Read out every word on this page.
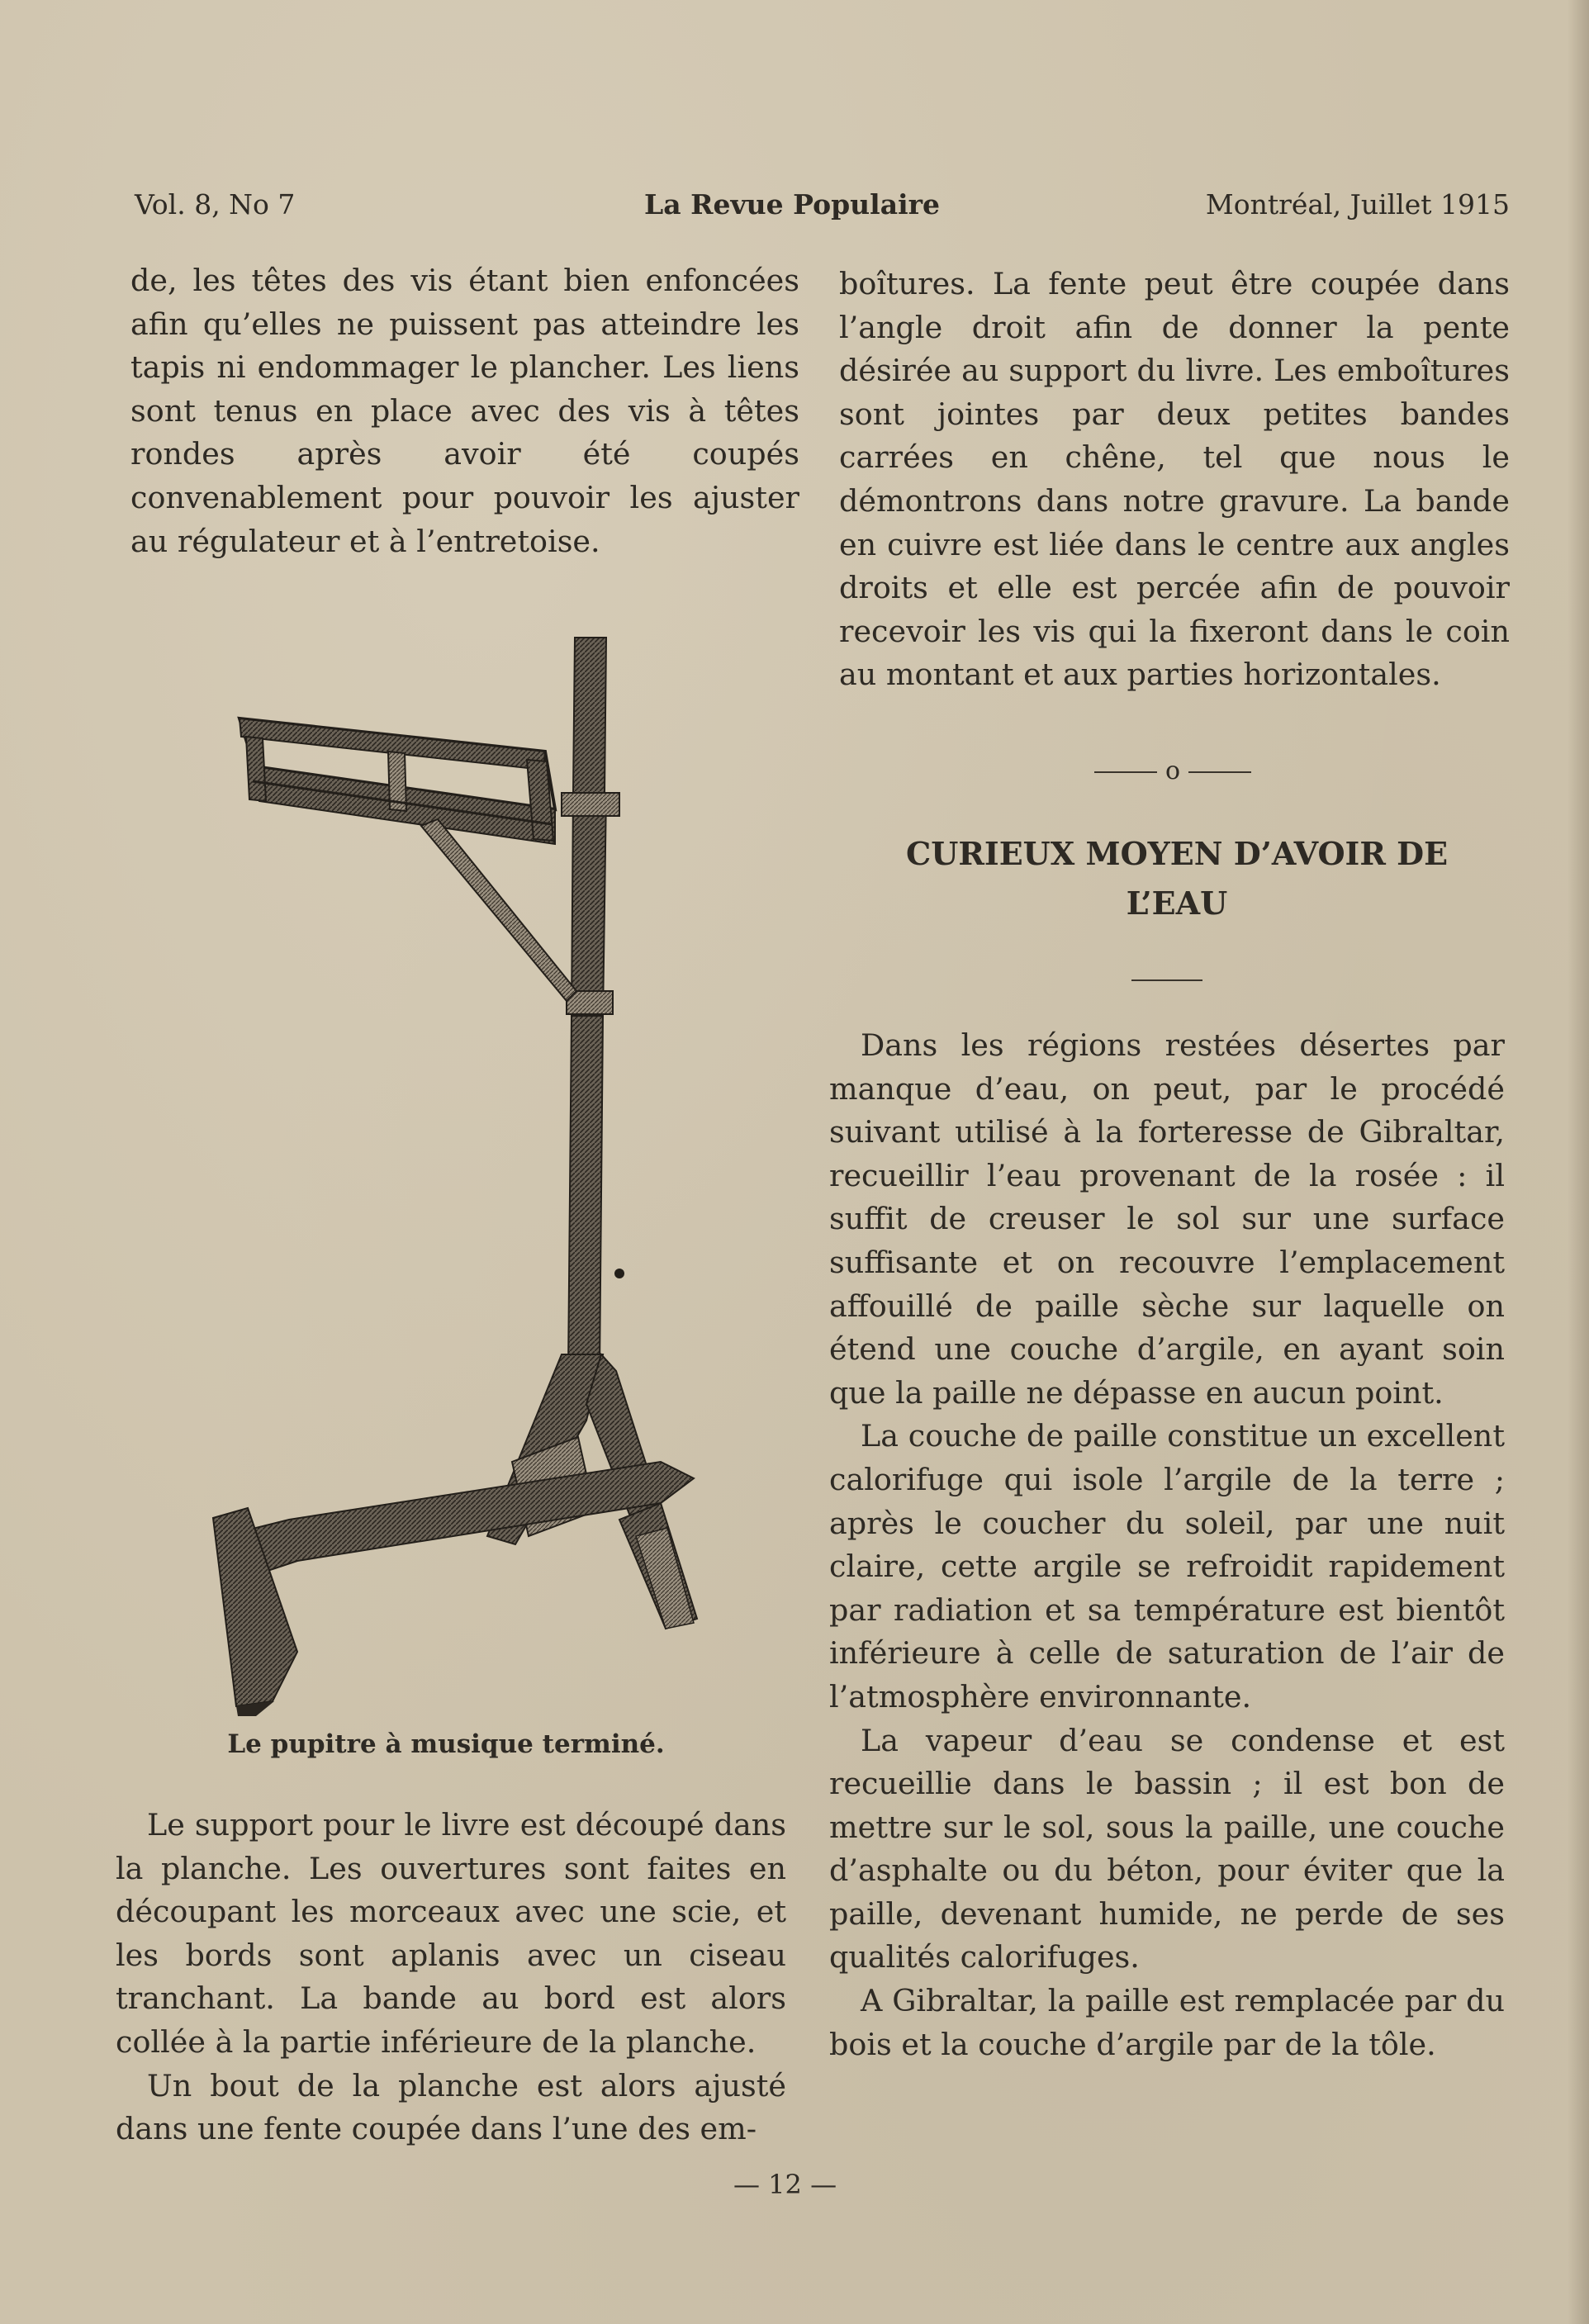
Vol. 8, No 7	La Revue Populaire	Montréal, Juillet 1915

de, les têtes des vis étant bien enfoncées afin qu’elles ne puissent pas atteindre les tapis ni endommager le plancher. Les liens sont tenus en place avec des vis à têtes rondes après avoir été coupés convenablement pour pouvoir les ajuster au régulateur et à l’entretoise.

Le pupitre à musique terminé.

Le support pour le livre est découpé dans la planche. Les ouvertures sont faites en découpant les morceaux avec une scie, et les bords sont aplanis avec un ciseau tranchant. La bande au bord est alors collée à la partie inférieure de la planche.

Un bout de la planche est alors ajusté dans une fente coupée dans l’une des em-

boîtures. La fente peut être coupée dans l’angle droit afin de donner la pente désirée au support du livre. Les emboîtures sont jointes par deux petites bandes carrées en chêne, tel que nous le démontrons dans notre gravure. La bande en cuivre est liée dans le centre aux angles droits et elle est percée afin de pouvoir recevoir les vis qui la fixeront dans le coin au montant et aux parties horizontales.

o
CURIEUX MOYEN D’AVOIR DE L’EAU

Dans les régions restées désertes par manque d’eau, on peut, par le procédé suivant utilisé à la forteresse de Gibraltar, recueillir l’eau provenant de la rosée : il suffit de creuser le sol sur une surface suffisante et on recouvre l’emplacement affouillé de paille sèche sur laquelle on étend une couche d’argile, en ayant soin que la paille ne dépasse en aucun point.

La couche de paille constitue un excellent calorifuge qui isole l’argile de la terre ; après le coucher du soleil, par une nuit claire, cette argile se refroidit rapidement par radiation et sa température est bientôt inférieure à celle de saturation de l’air de l’atmosphère environnante.

La vapeur d’eau se condense et est recueillie dans le bassin ; il est bon de mettre sur le sol, sous la paille, une couche d’asphalte ou du béton, pour éviter que la paille, devenant humide, ne perde de ses qualités calorifuges.

A Gibraltar, la paille est remplacée par du bois et la couche d’argile par de la tôle.

— 12 —
